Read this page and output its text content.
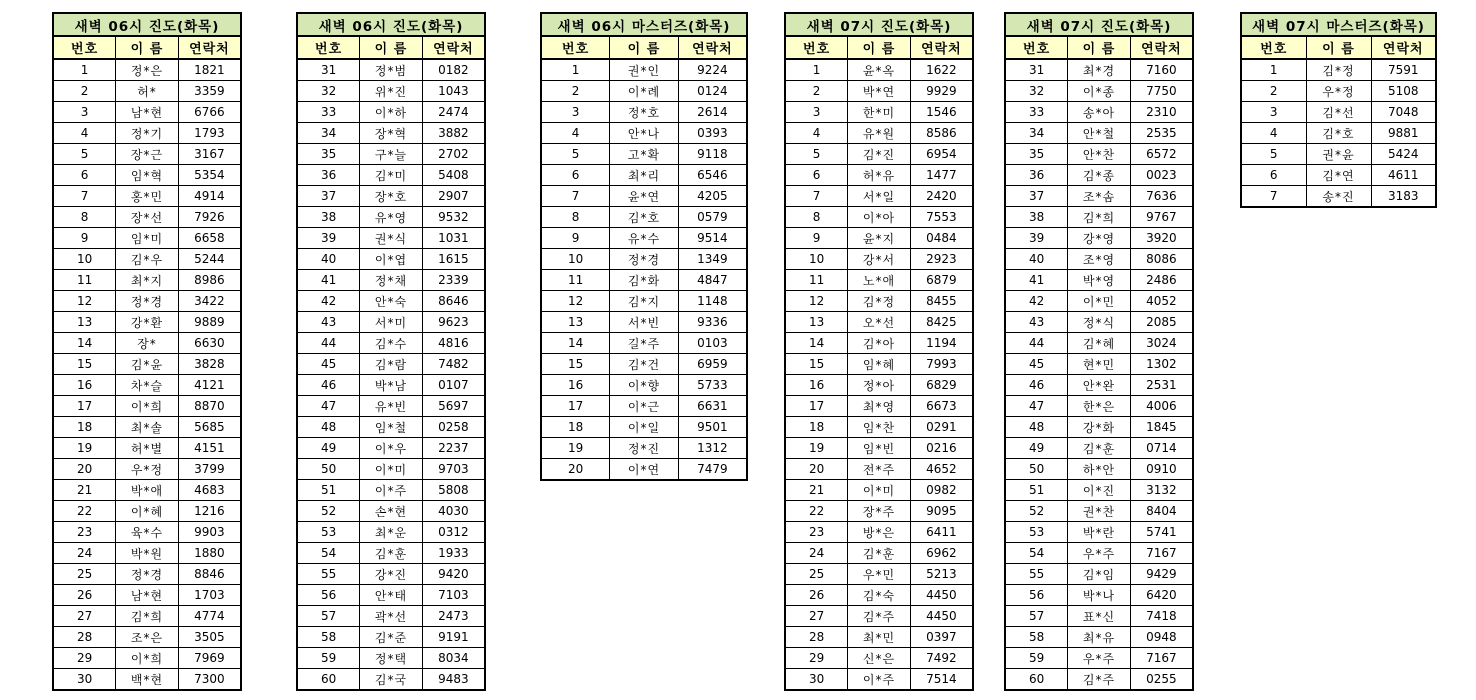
새벽 06시 진도(화목)		
번호	이 름	연락처
1	정*은	1821
2	허*	3359
3	남*현	6766
4	정*기	1793
5	장*근	3167
6	임*혁	5354
7	홍*민	4914
8	장*선	7926
9	임*미	6658
10	김*우	5244
11	최*지	8986
12	정*경	3422
13	강*환	9889
14	장*	6630
15	김*윤	3828
16	차*슬	4121
17	이*희	8870
18	최*솔	5685
19	허*별	4151
20	우*정	3799
21	박*애	4683
22	이*혜	1216
23	육*수	9903
24	박*원	1880
25	정*경	8846
26	남*현	1703
27	김*희	4774
28	조*은	3505
29	이*희	7969
30	백*현	7300
새벽 06시 진도(화목)		
번호	이 름	연락처
31	정*범	0182
32	위*진	1043
33	이*하	2474
34	장*혁	3882
35	구*늘	2702
36	김*미	5408
37	장*호	2907
38	유*영	9532
39	권*식	1031
40	이*엽	1615
41	정*채	2339
42	안*숙	8646
43	서*미	9623
44	김*수	4816
45	김*람	7482
46	박*남	0107
47	유*빈	5697
48	임*철	0258
49	이*우	2237
50	이*미	9703
51	이*주	5808
52	손*현	4030
53	최*운	0312
54	김*훈	1933
55	강*진	9420
56	안*태	7103
57	곽*선	2473
58	김*준	9191
59	정*택	8034
60	김*국	9483
새벽 06시 마스터즈(화목)		
번호	이 름	연락처
1	권*인	9224
2	이*례	0124
3	정*호	2614
4	안*나	0393
5	고*확	9118
6	최*리	6546
7	윤*연	4205
8	김*호	0579
9	유*수	9514
10	정*경	1349
11	김*화	4847
12	김*지	1148
13	서*빈	9336
14	길*주	0103
15	김*건	6959
16	이*향	5733
17	이*근	6631
18	이*일	9501
19	정*진	1312
20	이*연	7479
새벽 07시 진도(화목)		
번호	이 름	연락처
1	윤*옥	1622
2	박*연	9929
3	한*미	1546
4	유*원	8586
5	김*진	6954
6	허*유	1477
7	서*일	2420
8	이*아	7553
9	윤*지	0484
10	강*서	2923
11	노*애	6879
12	김*정	8455
13	오*선	8425
14	김*아	1194
15	임*혜	7993
16	정*아	6829
17	최*영	6673
18	임*찬	0291
19	임*빈	0216
20	전*주	4652
21	이*미	0982
22	장*주	9095
23	방*은	6411
24	김*훈	6962
25	우*민	5213
26	김*숙	4450
27	김*주	4450
28	최*민	0397
29	신*은	7492
30	이*주	7514
새벽 07시 진도(화목)		
번호	이 름	연락처
31	최*경	7160
32	이*종	7750
33	송*아	2310
34	안*철	2535
35	안*찬	6572
36	김*종	0023
37	조*솜	7636
38	김*희	9767
39	강*영	3920
40	조*영	8086
41	박*영	2486
42	이*민	4052
43	정*식	2085
44	김*혜	3024
45	현*민	1302
46	안*완	2531
47	한*은	4006
48	강*화	1845
49	김*훈	0714
50	하*안	0910
51	이*진	3132
52	권*찬	8404
53	박*란	5741
54	우*주	7167
55	김*임	9429
56	박*나	6420
57	표*신	7418
58	최*유	0948
59	우*주	7167
60	김*주	0255
새벽 07시 마스터즈(화목)		
번호	이 름	연락처
1	김*정	7591
2	우*정	5108
3	김*선	7048
4	김*호	9881
5	권*윤	5424
6	김*연	4611
7	송*진	3183
